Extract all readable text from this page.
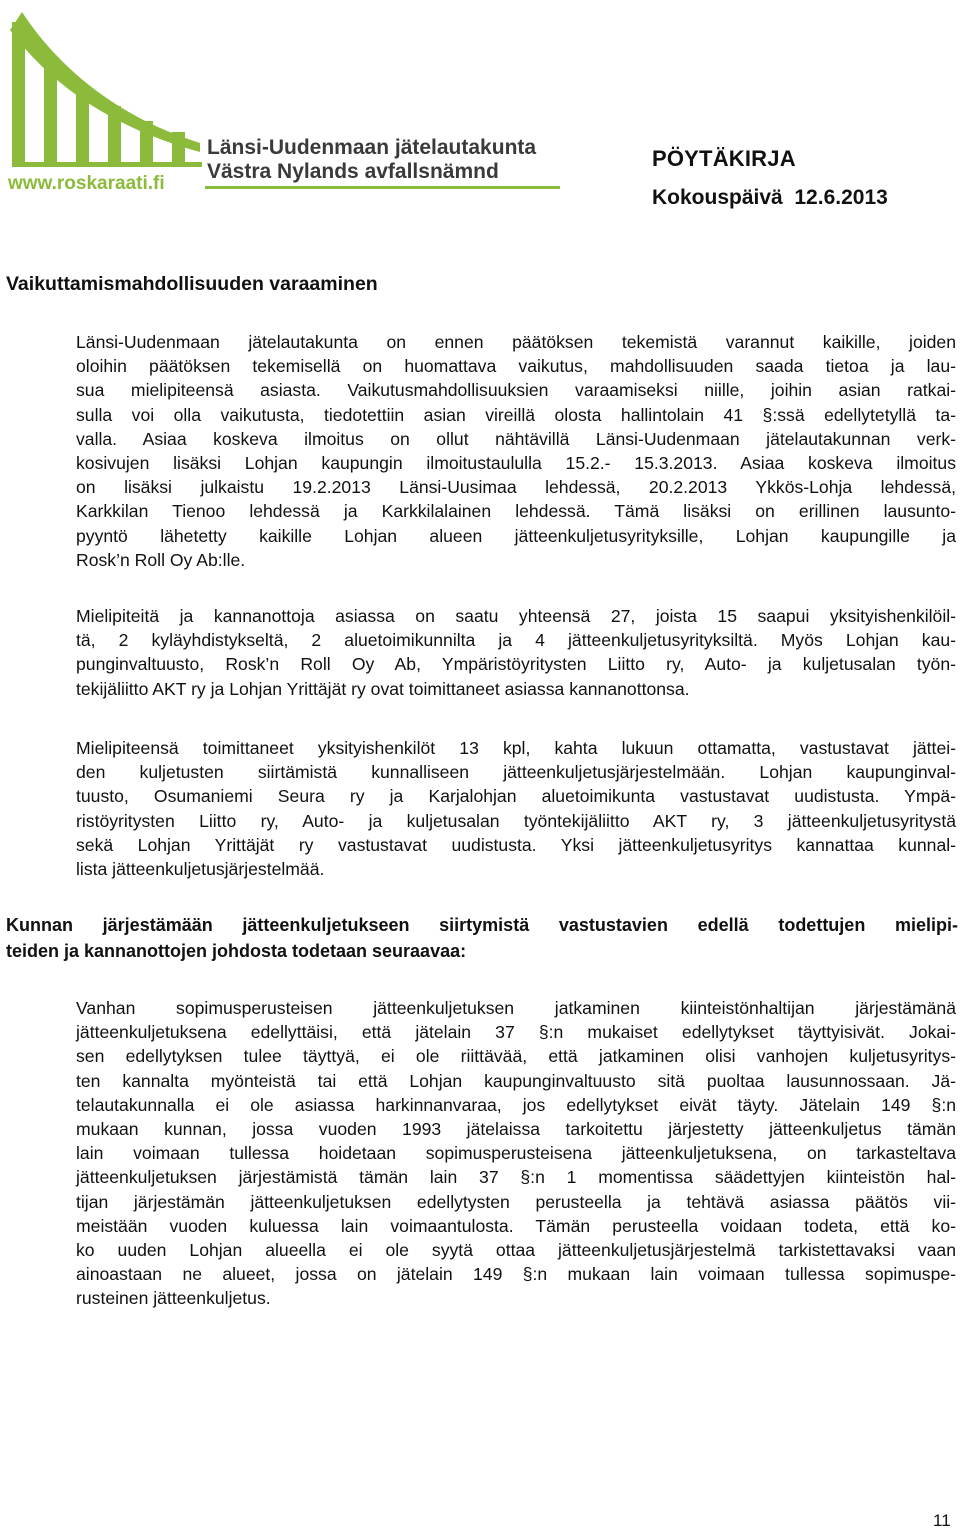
www.roskaraati.fi
Länsi-Uudenmaan jätelautakunta
Västra Nylands avfallsnämnd
PÖYTÄKIRJA
Kokouspäivä  12.6.2013
Vaikuttamismahdollisuuden varaaminen
Länsi-Uudenmaan jätelautakunta on ennen päätöksen tekemistä varannut kaikille, joiden
oloihin päätöksen tekemisellä on huomattava vaikutus, mahdollisuuden saada tietoa ja lau-
sua mielipiteensä asiasta. Vaikutusmahdollisuuksien varaamiseksi niille, joihin asian ratkai-
sulla voi olla vaikutusta, tiedotettiin asian vireillä olosta hallintolain 41 §:ssä edellytetyllä ta-
valla. Asiaa koskeva ilmoitus on ollut nähtävillä Länsi-Uudenmaan jätelautakunnan verk-
kosivujen lisäksi Lohjan kaupungin ilmoitustaululla 15.2.- 15.3.2013. Asiaa koskeva ilmoitus
on lisäksi julkaistu 19.2.2013 Länsi-Uusimaa lehdessä, 20.2.2013 Ykkös-Lohja lehdessä,
Karkkilan Tienoo lehdessä ja Karkkilalainen lehdessä. Tämä lisäksi on erillinen lausunto-
pyyntö lähetetty kaikille Lohjan alueen jätteenkuljetusyrityksille, Lohjan kaupungille ja
Rosk’n Roll Oy Ab:lle.
Mielipiteitä ja kannanottoja asiassa on saatu yhteensä 27, joista 15 saapui yksityishenkilöil-
tä, 2 kyläyhdistykseltä, 2 aluetoimikunnilta ja 4 jätteenkuljetusyrityksiltä. Myös Lohjan kau-
punginvaltuusto, Rosk’n Roll Oy Ab, Ympäristöyritysten Liitto ry, Auto- ja kuljetusalan työn-
tekijäliitto AKT ry ja Lohjan Yrittäjät ry ovat toimittaneet asiassa kannanottonsa.
Mielipiteensä toimittaneet yksityishenkilöt 13 kpl, kahta lukuun ottamatta, vastustavat jättei-
den kuljetusten siirtämistä kunnalliseen jätteenkuljetusjärjestelmään. Lohjan kaupunginval-
tuusto, Osumaniemi Seura ry ja Karjalohjan aluetoimikunta vastustavat uudistusta. Ympä-
ristöyritysten Liitto ry, Auto- ja kuljetusalan työntekijäliitto AKT ry, 3 jätteenkuljetusyritystä
sekä Lohjan Yrittäjät ry vastustavat uudistusta. Yksi jätteenkuljetusyritys kannattaa kunnal-
lista jätteenkuljetusjärjestelmää.
Kunnan järjestämään jätteenkuljetukseen siirtymistä vastustavien edellä todettujen mielipi-
teiden ja kannanottojen johdosta todetaan seuraavaa:
Vanhan sopimusperusteisen jätteenkuljetuksen jatkaminen kiinteistönhaltijan järjestämänä
jätteenkuljetuksena edellyttäisi, että jätelain 37 §:n mukaiset edellytykset täyttyisivät. Jokai-
sen edellytyksen tulee täyttyä, ei ole riittävää, että jatkaminen olisi vanhojen kuljetusyritys-
ten kannalta myönteistä tai että Lohjan kaupunginvaltuusto sitä puoltaa lausunnossaan. Jä-
telautakunnalla ei ole asiassa harkinnanvaraa, jos edellytykset eivät täyty. Jätelain 149 §:n
mukaan kunnan, jossa vuoden 1993 jätelaissa tarkoitettu järjestetty jätteenkuljetus tämän
lain voimaan tullessa hoidetaan sopimusperusteisena jätteenkuljetuksena, on tarkasteltava
jätteenkuljetuksen järjestämistä tämän lain 37 §:n 1 momentissa säädettyjen kiinteistön hal-
tijan järjestämän jätteenkuljetuksen edellytysten perusteella ja tehtävä asiassa päätös vii-
meistään vuoden kuluessa lain voimaantulosta. Tämän perusteella voidaan todeta, että ko-
ko uuden Lohjan alueella ei ole syytä ottaa jätteenkuljetusjärjestelmä tarkistettavaksi vaan
ainoastaan ne alueet, jossa on jätelain 149 §:n mukaan lain voimaan tullessa sopimuspe-
rusteinen jätteenkuljetus.
11
